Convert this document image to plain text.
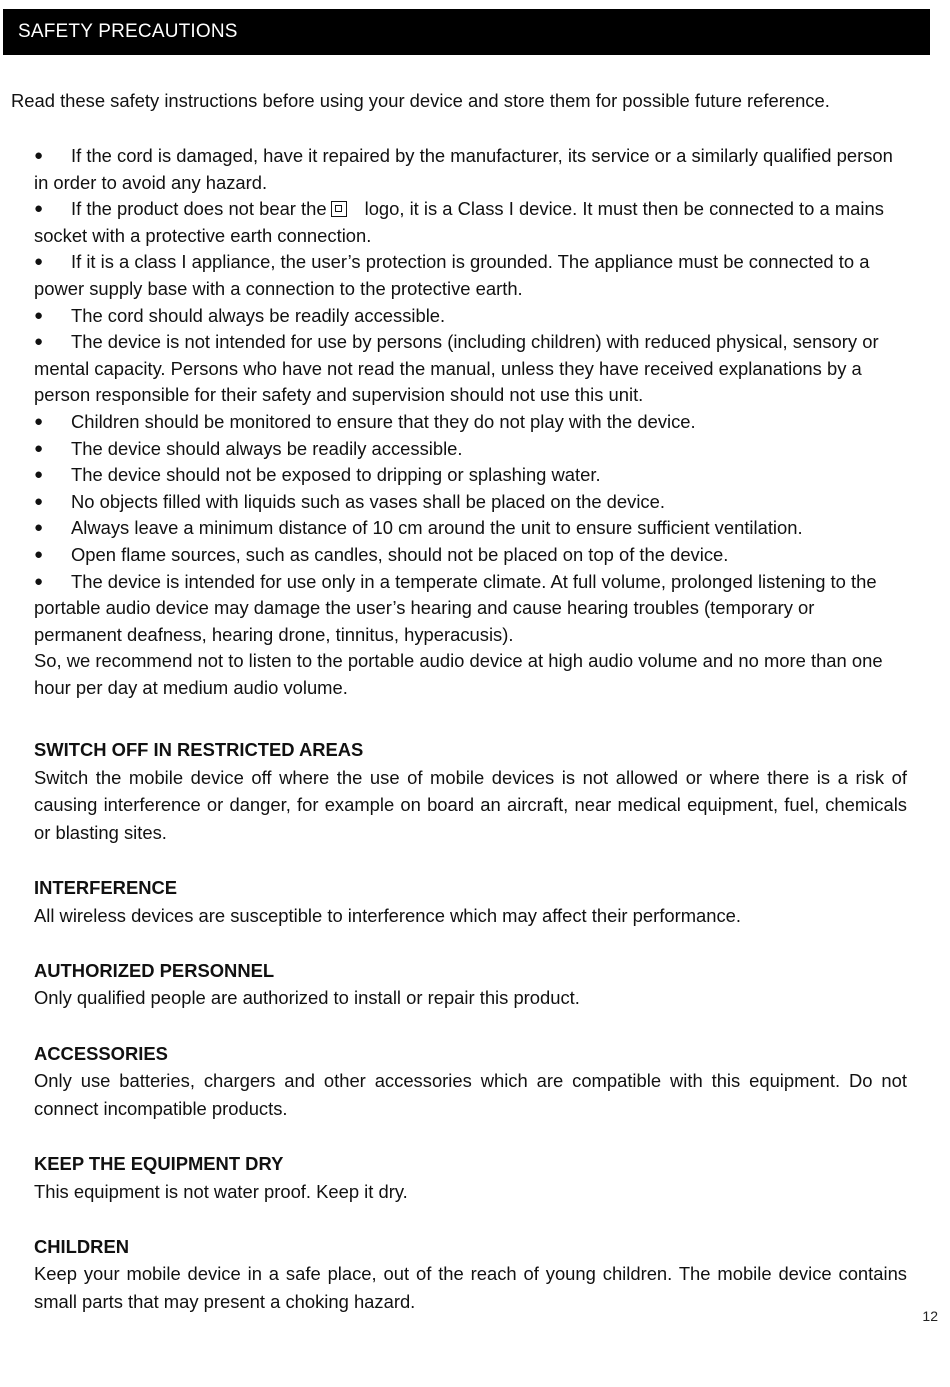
SAFETY PRECAUTIONS
Read these safety instructions before using your device and store them for possible future reference.
● If the cord is damaged, have it repaired by the manufacturer, its service or a similarly qualified person in order to avoid any hazard.
● If the product does not bear the logo, it is a Class I device. It must then be connected to a mains socket with a protective earth connection.
● If it is a class I appliance, the user’s protection is grounded. The appliance must be connected to a power supply base with a connection to the protective earth.
● The cord should always be readily accessible.
● The device is not intended for use by persons (including children) with reduced physical, sensory or mental capacity. Persons who have not read the manual, unless they have received explanations by a person responsible for their safety and supervision should not use this unit.
● Children should be monitored to ensure that they do not play with the device.
● The device should always be readily accessible.
● The device should not be exposed to dripping or splashing water.
● No objects filled with liquids such as vases shall be placed on the device.
● Always leave a minimum distance of 10 cm around the unit to ensure sufficient ventilation.
● Open flame sources, such as candles, should not be placed on top of the device.
● The device is intended for use only in a temperate climate. At full volume, prolonged listening to the portable audio device may damage the user’s hearing and cause hearing troubles (temporary or permanent deafness, hearing drone, tinnitus, hyperacusis).

So, we recommend not to listen to the portable audio device at high audio volume and no more than one hour per day at medium audio volume.

SWITCH OFF IN RESTRICTED AREAS

Switch the mobile device off where the use of mobile devices is not allowed or where there is a risk of causing interference or danger, for example on board an aircraft, near medical equipment, fuel, chemicals or blasting sites.

INTERFERENCE

All wireless devices are susceptible to interference which may affect their performance.

AUTHORIZED PERSONNEL

Only qualified people are authorized to install or repair this product.

ACCESSORIES

Only use batteries, chargers and other accessories which are compatible with this equipment. Do not connect incompatible products.

KEEP THE EQUIPMENT DRY

This equipment is not water proof. Keep it dry.

CHILDREN

Keep your mobile device in a safe place, out of the reach of young children. The mobile device contains small parts that may present a choking hazard.

12
